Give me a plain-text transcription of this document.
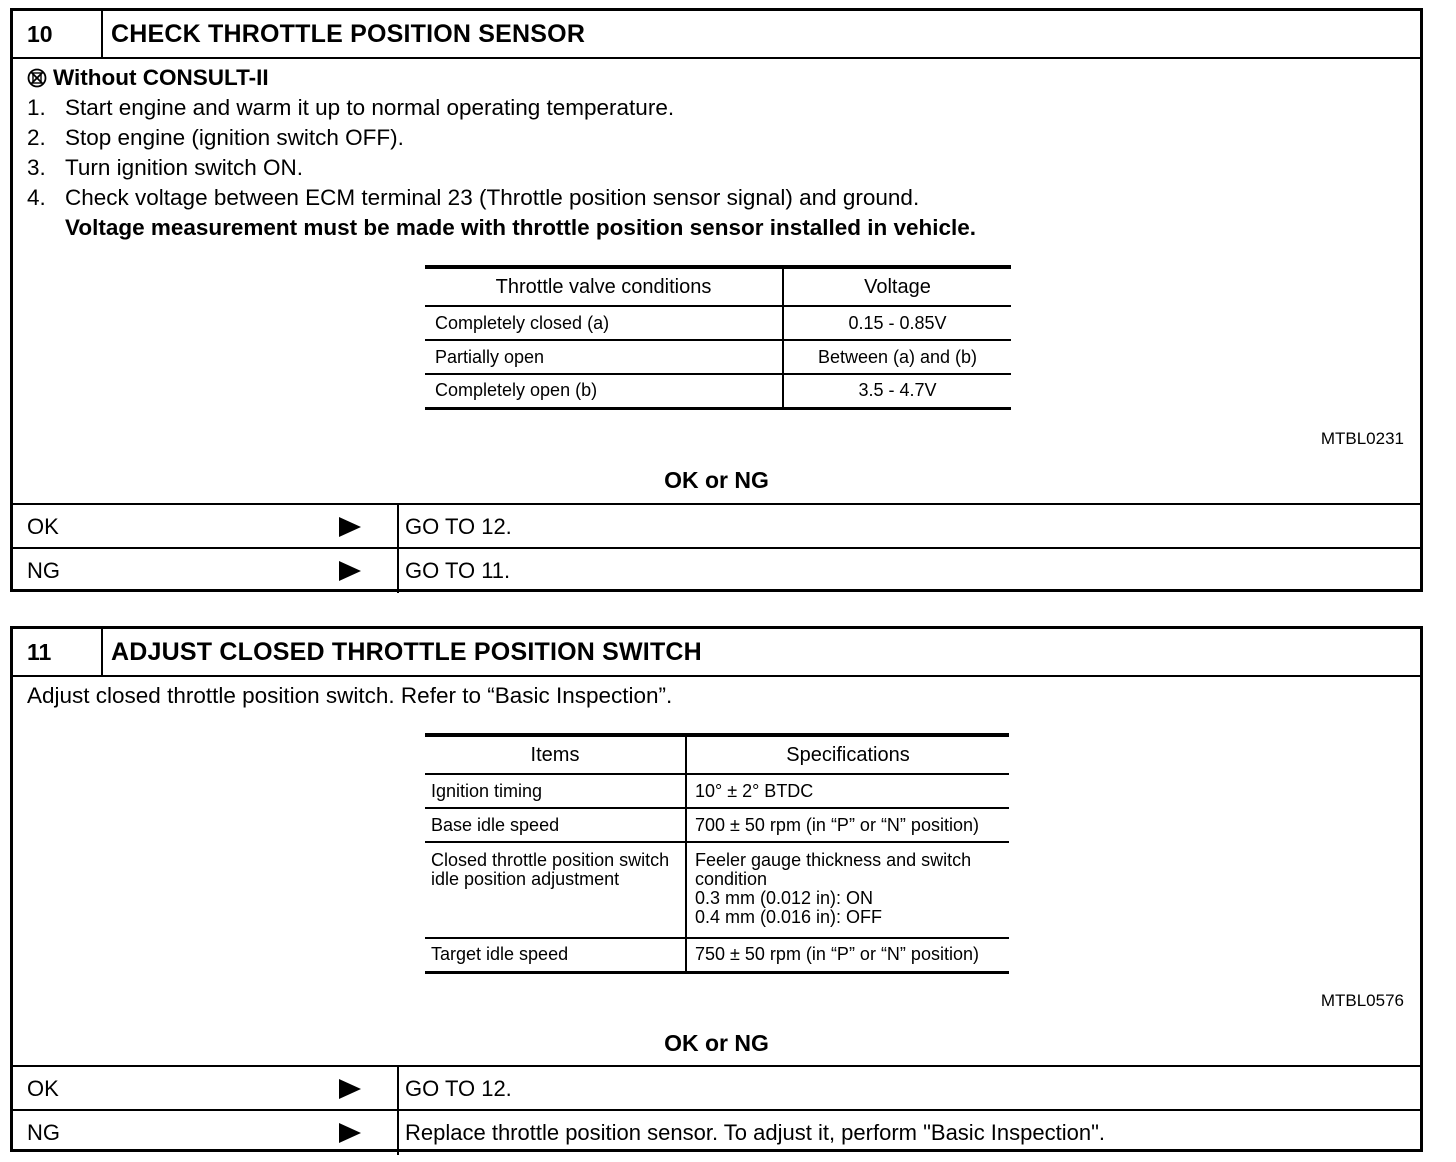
10	CHECK THROTTLE POSITION SENSOR
Without CONSULT-II
1. Start engine and warm it up to normal operating temperature.
2. Stop engine (ignition switch OFF).
3. Turn ignition switch ON.
4. Check voltage between ECM terminal 23 (Throttle position sensor signal) and ground.
Voltage measurement must be made with throttle position sensor installed in vehicle.
Throttle valve conditions	Voltage
Completely closed (a)	0.15 - 0.85V
Partially open	Between (a) and (b)
Completely open (b)	3.5 - 4.7V
MTBL0231
OK or NG
OK	GO TO 12.
NG	GO TO 11.
11	ADJUST CLOSED THROTTLE POSITION SWITCH
Adjust closed throttle position switch. Refer to “Basic Inspection”.
Items	Specifications
Ignition timing	10° ± 2° BTDC
Base idle speed	700 ± 50 rpm (in “P” or “N” position)
Closed throttle position switch idle position adjustment	Feeler gauge thickness and switch condition
0.3 mm (0.012 in): ON
0.4 mm (0.016 in): OFF
Target idle speed	750 ± 50 rpm (in “P” or “N” position)
MTBL0576
OK or NG
OK	GO TO 12.
NG	Replace throttle position sensor. To adjust it, perform "Basic Inspection".
